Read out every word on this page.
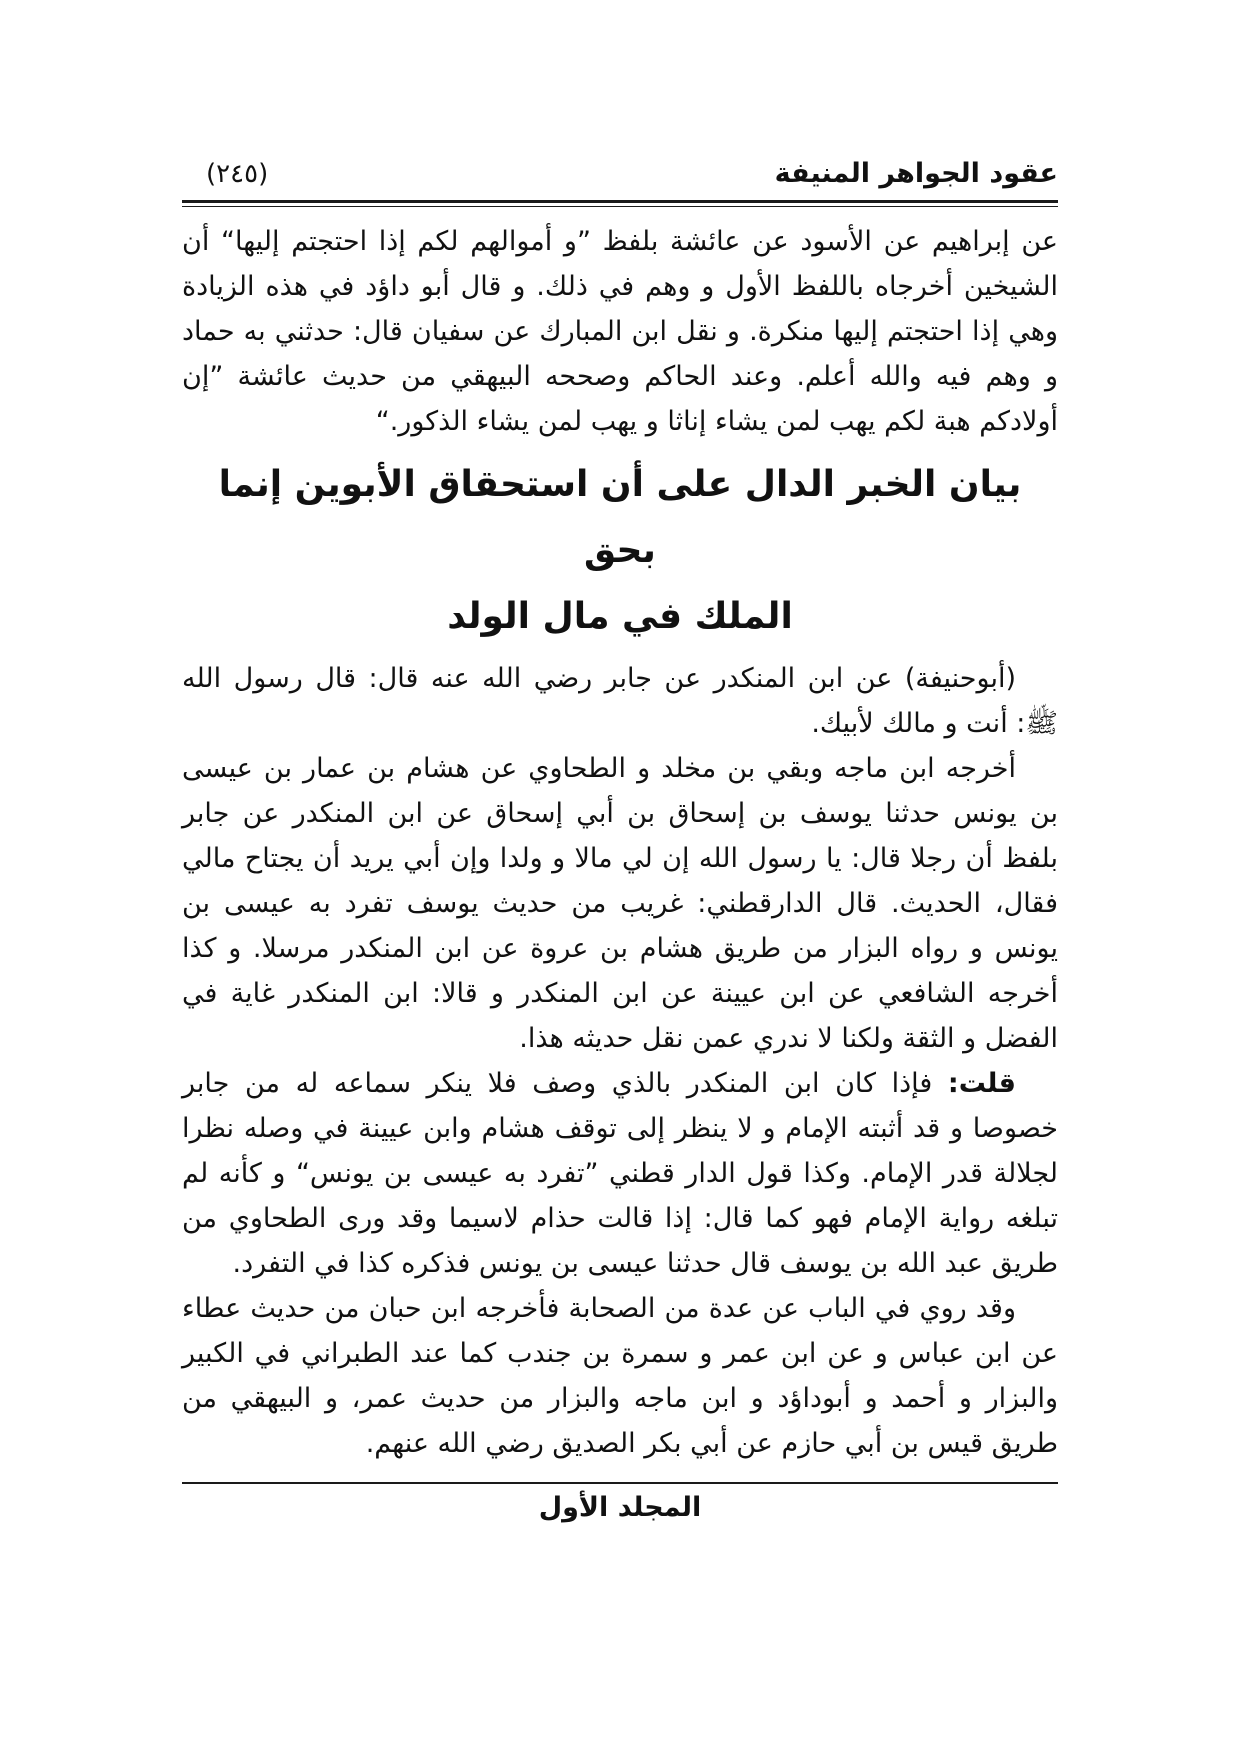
عقود الجواهر المنيفة
(٢٤٥)

عن إبراهيم عن الأسود عن عائشة بلفظ ”و أموالهم لكم إذا احتجتم إليها“ أن الشيخين أخرجاه باللفظ الأول و وهم في ذلك. و قال أبو داؤد في هذه الزيادة وهي إذا احتجتم إليها منكرة. و نقل ابن المبارك عن سفيان قال: حدثني به حماد و وهم فيه والله أعلم. وعند الحاكم وصححه البيهقي من حديث عائشة ”إن أولادكم هبة لكم يهب لمن يشاء إناثا و يهب لمن يشاء الذكور.“

بيان الخبر الدال على أن استحقاق الأبوين إنما بحق
الملك في مال الولد

(أبوحنيفة) عن ابن المنكدر عن جابر رضي الله عنه قال: قال رسول الله ﷺ: أنت و مالك لأبيك.

أخرجه ابن ماجه وبقي بن مخلد و الطحاوي عن هشام بن عمار بن عيسى بن يونس حدثنا يوسف بن إسحاق بن أبي إسحاق عن ابن المنكدر عن جابر بلفظ أن رجلا قال: يا رسول الله إن لي مالا و ولدا وإن أبي يريد أن يجتاح مالي فقال، الحديث. قال الدارقطني: غريب من حديث يوسف تفرد به عيسى بن يونس و رواه البزار من طريق هشام بن عروة عن ابن المنكدر مرسلا. و كذا أخرجه الشافعي عن ابن عيينة عن ابن المنكدر و قالا: ابن المنكدر غاية في الفضل و الثقة ولكنا لا ندري عمن نقل حديثه هذا.

قلت: فإذا كان ابن المنكدر بالذي وصف فلا ينكر سماعه له من جابر خصوصا و قد أثبته الإمام و لا ينظر إلى توقف هشام وابن عيينة في وصله نظرا لجلالة قدر الإمام. وكذا قول الدار قطني ”تفرد به عيسى بن يونس“ و كأنه لم تبلغه رواية الإمام فهو كما قال: إذا قالت حذام لاسيما وقد ورى الطحاوي من طريق عبد الله بن يوسف قال حدثنا عيسى بن يونس فذكره كذا في التفرد.

وقد روي في الباب عن عدة من الصحابة فأخرجه ابن حبان من حديث عطاء عن ابن عباس و عن ابن عمر و سمرة بن جندب كما عند الطبراني في الكبير والبزار و أحمد و أبوداؤد و ابن ماجه والبزار من حديث عمر، و البيهقي من طريق قيس بن أبي حازم عن أبي بكر الصديق رضي الله عنهم.

المجلد الأول
